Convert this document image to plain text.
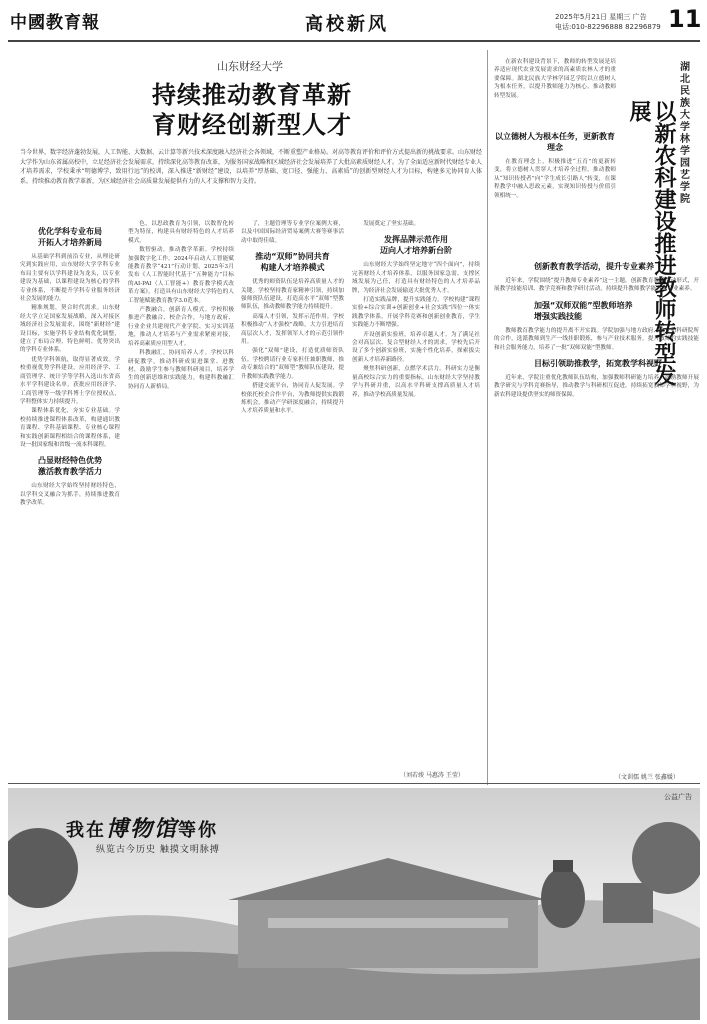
中國教育報	高校新风	2025年5月21日 星期三 广告
电话:010-82296888 82296879 11
山东财经大学
持续推动教育革新
育财经创新型人才
当今世界，数字经济蓬勃发展，人工智能、大数据、云计算等新兴技术深度融入经济社会各领域，不断重塑产业格局。对高等教育评价和评价方式提出新的挑战要求。山东财经大学作为山东省属高校中，立足经济社会发展需求，持续深化高等教育改革，为服务国家战略和区域经济社会发展培养了大批高素质财经人才。为了全面适应新时代财经专业人才培养需求，学校秉承“明德博学，致用行远”的校训，深入推进“新财经”建设，以培养“厚基础、宽口径、强能力、高素质”的创新型财经人才为目标，构建多元协同育人体系，持续推动教育教学革新，为区域经济社会高质量发展提供有力的人才支撑和智力支持。
优化学科专业布局
开拓人才培养新局

从基础学科到前沿专业，从理论研究到实践应用，山东财经大学学科专业布局主要有以学科建设为龙头，以专业建设为基础，以课程建设为核心的学科专业体系，不断提升学科专业服务经济社会发展的能力。

精准规划，契合时代需求。山东财经大学立足国家发展战略，深入对接区域经济社会发展需求，围绕“新财经”建设目标，实施学科专业结构优化调整，建立了布局合理、特色鲜明、优势突出的学科专业体系。

优势学科领航，取得显著成效。学校重视优势学科建设，应用经济学、工商管理学、统计学等学科入选山东省高水平学科建设名单，获批应用经济学、工商管理等一级学科博士学位授权点，学科整体实力持续提升。

课程体系优化，夯实专业基础。学校持续推进课程体系改革，构建通识教育课程、学科基础课程、专业核心课程和实践创新课程相结合的课程体系，建设一批国家级和省级一流本科课程。

凸显财经特色优势
激活教育教学活力

山东财经大学始终坚持财经特色，以学科交叉融合为抓手，持续推进教育教学改革。

色，以思政教育为引领，以数智化转型为特征，构建具有财经特色的人才培养模式。

数智驱动，推动教学革新。学校持续加强数字化工作，2024年启动人工智能赋能教育教学“421”行动计划，2025年3月发布《人工智能时代基于“五种能力”目标的AI-PAI（人工智能+）教育教学模式改革方案》，打造具有山东财经大学特色的人工智能赋能教育教学3.0范本。

产教融合，创新育人模式。学校积极推进产教融合、校企合作，与地方政府、行业企业共建现代产业学院、实习实训基地，推动人才培养与产业需求紧密对接，培养高素质应用型人才。

科教融汇，协同培养人才。学校以科研促教学，推动科研成果进课堂、进教材，鼓励学生参与教师科研项目，培养学生的创新思维和实践能力，构建科教融汇协同育人新格局。

了，主题管理等专业学位案例大赛，以及中国国际经济贸易案例大赛等赛事活动中取得佳绩。

推动“双师”协同共育
构建人才培养模式

优秀的师资队伍是培养高质量人才的关键。学校坚持教育家精神引领，持续加强师资队伍建设，打造高水平“双师”型教师队伍，推动教师教学能力持续提升。

高端人才引领，发挥示范作用。学校积极推动“人才强校”战略，大力引进培育高层次人才，发挥领军人才的示范引领作用。

强化“双师”建设，打造优质师资队伍。学校聘请行业专家担任兼职教师，推动专兼结合的“双师型”教师队伍建设，提升教师实践教学能力。

搭建交流平台，协同育人促发展。学校依托校企合作平台，为教师提供实践锻炼机会，推动产学研深度融合，持续提升人才培养质量和水平。

发展奠定了坚实基础。

发挥品牌示范作用
迈向人才培养新台阶

山东财经大学始终坚定地守“四个面向”，持续完善财经人才培养体系，以服务国家急需、支撑区域发展为己任，打造具有财经特色的人才培养品牌，为经济社会发展输送大批优秀人才。

打造实践品牌，提升实践能力。学校构建“课程实验+综合实训+创新创业+社会实践”四位一体实践教学体系，开展学科竞赛和创新创业教育，学生实践能力不断增强。

开设创新实验班，培养卓越人才。为了满足社会对高层次、复合型财经人才的需求，学校先后开设了多个创新实验班，实施个性化培养，探索拔尖创新人才培养新路径。

聚焦科研创新，点燃学术活力。科研实力是衡量高校综合实力的重要指标，山东财经大学坚持教学与科研并重，以高水平科研支撑高质量人才培养，推动学校高质量发展。

（刘若竣 马惠涛 王莹）
湖北民族大学林学园艺学院
以新农科建设推进教师转型发展

在新农科建设背景下，教师的转型发展是培养适应现代农业发展需求的高素质农林人才的重要保障。湖北民族大学林学园艺学院以立德树人为根本任务，以提升教师能力为核心，推动教师转型发展。

以立德树人为根本任务，更新教育理念

在教育理念上，积极推进“五育”的更新转变，将立德树人贯穿人才培养全过程，推动教师从“知识传授者”向“学生成长引路人”转变，在课程教学中融入思政元素，实现知识传授与价值引领相统一。

创新教育教学活动，提升专业素养

近年来，学院围绕“提升教师专业素养”这一主题，创新教育教学活动形式，开展教学技能培训、教学竞赛和教学研讨活动，持续提升教师教学能力和专业素养。

加强“双师双能”型教师培养
增强实践技能

教师教育教学能力的提升离不开实践。学院加强与地方政府、企业和科研院所的合作，选派教师到生产一线挂职锻炼，参与产业技术服务，提升教师的实践技能和社会服务能力，培养了一批“双师双能”型教师。

目标引领助推教学，拓宽教学科视野

近年来，学院注重优化教师队伍结构，加强教师科研能力培养，鼓励教师开展教学研究与学科竞赛指导，推动教学与科研相互促进，持续拓宽教师学科视野，为新农科建设提供坚实的师资保障。

（文训儒 姚兰 张鑫媛）
公益广告
我在博物馆等你
纵览古今历史 触摸文明脉搏
